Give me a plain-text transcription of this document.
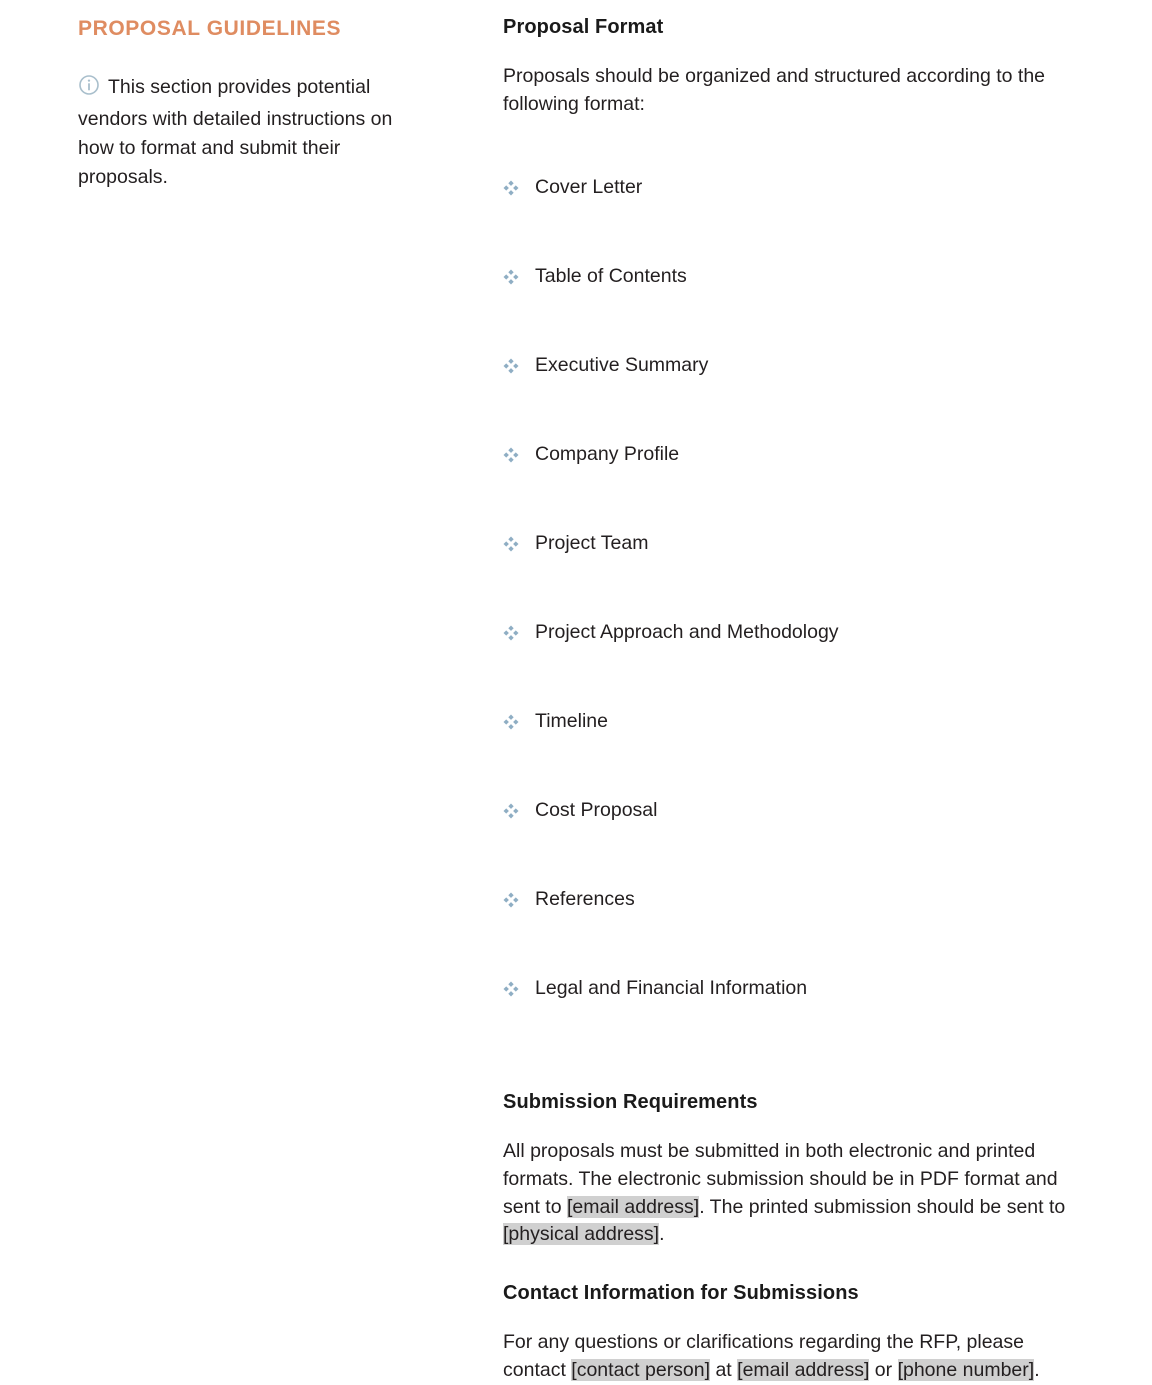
PROPOSAL GUIDELINES

This section provides potential vendors with detailed instructions on how to format and submit their proposals.

Proposal Format

Proposals should be organized and structured according to the following format:

Cover Letter
Table of Contents
Executive Summary
Company Profile
Project Team
Project Approach and Methodology
Timeline
Cost Proposal
References
Legal and Financial Information
Submission Requirements

All proposals must be submitted in both electronic and printed formats. The electronic submission should be in PDF format and sent to [email address]. The printed submission should be sent to [physical address].

Contact Information for Submissions

For any questions or clarifications regarding the RFP, please contact [contact person] at [email address] or [phone number].
